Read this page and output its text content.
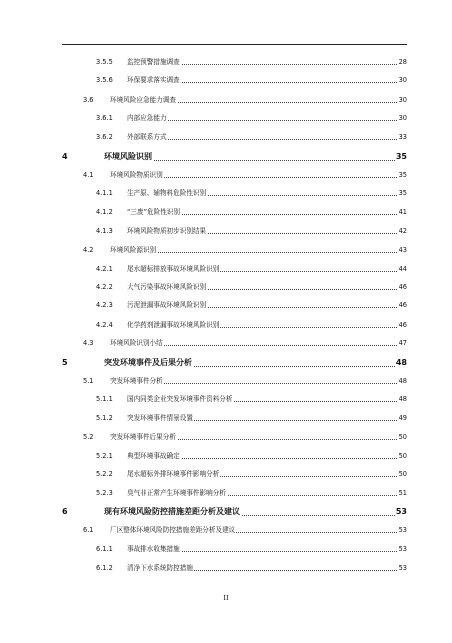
3.5.5 监控预警措施调查	28
3.5.6 环保要求落实调查	30
3.6	环境风险应急能力调查	30
3.6.1 内部应急能力	30
3.6.2 外部联系方式	33
4	环境风险识别	35
4.1	环境风险物质识别	35
4.1.1 生产原、辅物料危险性识别	35
4.1.2 “三废”危险性识别	41
4.1.3 环境风险物质初步识别结果	42
4.2	环境风险源识别	43
4.2.1 尾水超标排放事故环境风险识别	44
4.2.2 大气污染事故环境风险识别	46
4.2.3 污泥泄漏事故环境风险识别	46
4.2.4 化学药剂泄漏事故环境风险识别	46
4.3	环境风险识别小结	47
5	突发环境事件及后果分析	48
5.1	突发环境事件分析	48
5.1.1 国内同类企业突发环境事件资料分析	48
5.1.2 突发环境事件情景设置	49
5.2	突发环境事件后果分析	50
5.2.1 典型环境事故确定	50
5.2.2 尾水超标外排环境事件影响分析	50
5.2.3 臭气非正常产生环境事件影响分析	51
6	现有环境风险防控措施差距分析及建议	53
6.1	厂区整体环境风险防控措施差距分析及建议	53
6.1.1 事故排水收集措施	53
6.1.2 清净下水系统防控措施	53
II
